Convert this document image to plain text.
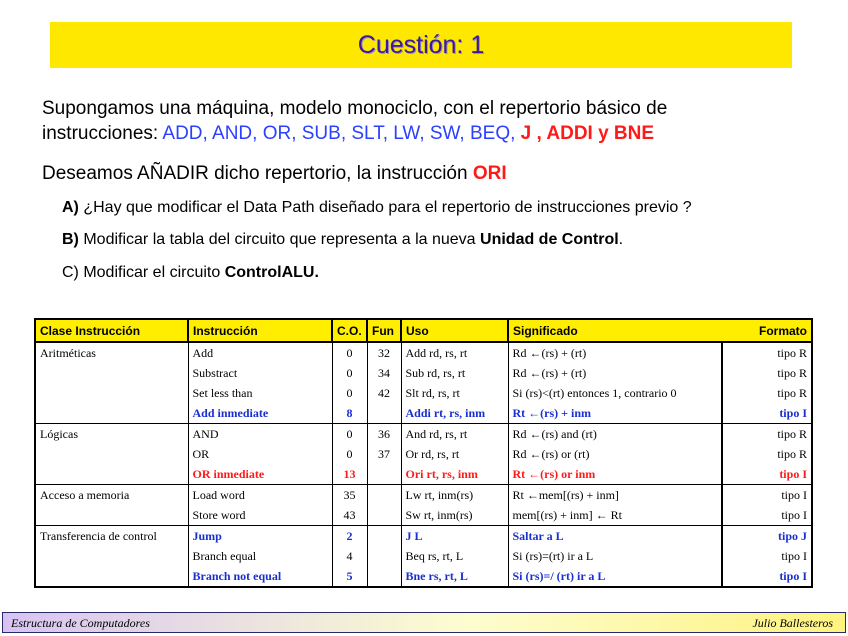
Cuestión: 1
Supongamos una máquina, modelo monociclo, con el repertorio básico de
instrucciones: ADD, AND, OR, SUB, SLT, LW, SW, BEQ, J , ADDI y BNE
Deseamos AÑADIR dicho repertorio, la instrucción ORI
A) ¿Hay que modificar el Data Path diseñado para el repertorio de instrucciones previo ?
B) Modificar la tabla del circuito que representa a la nueva Unidad de Control.
C) Modificar el circuito ControlALU.
Clase Instrucción	Instrucción	C.O.	Fun	Uso	Significado	Formato
Aritméticas	Add	0	32	Add rd, rs, rt	Rd ←(rs) + (rt)	tipo R
	Substract	0	34	Sub rd, rs, rt	Rd ←(rs) + (rt)	tipo R
	Set less than	0	42	Slt rd, rs, rt	Si (rs)<(rt) entonces 1, contrario 0	tipo R
	Add inmediate	8		Addi rt, rs, inm	Rt ←(rs) + inm	tipo I
Lógicas	AND	0	36	And rd, rs, rt	Rd ←(rs) and (rt)	tipo R
	OR	0	37	Or rd, rs, rt	Rd ←(rs) or (rt)	tipo R
	OR inmediate	13		Ori rt, rs, inm	Rt ←(rs) or inm	tipo I
Acceso a memoria	Load word	35		Lw rt, inm(rs)	Rt ←mem[(rs) + inm]	tipo I
	Store word	43		Sw rt, inm(rs)	mem[(rs) + inm] ← Rt	tipo I
Transferencia de control	Jump	2		J L	Saltar a L	tipo J
	Branch equal	4		Beq rs, rt, L	Si (rs)=(rt) ir a L	tipo I
	Branch not equal	5		Bne rs, rt, L	Si (rs)=/ (rt) ir a L	tipo I
Estructura de Computadores	Julio Ballesteros
